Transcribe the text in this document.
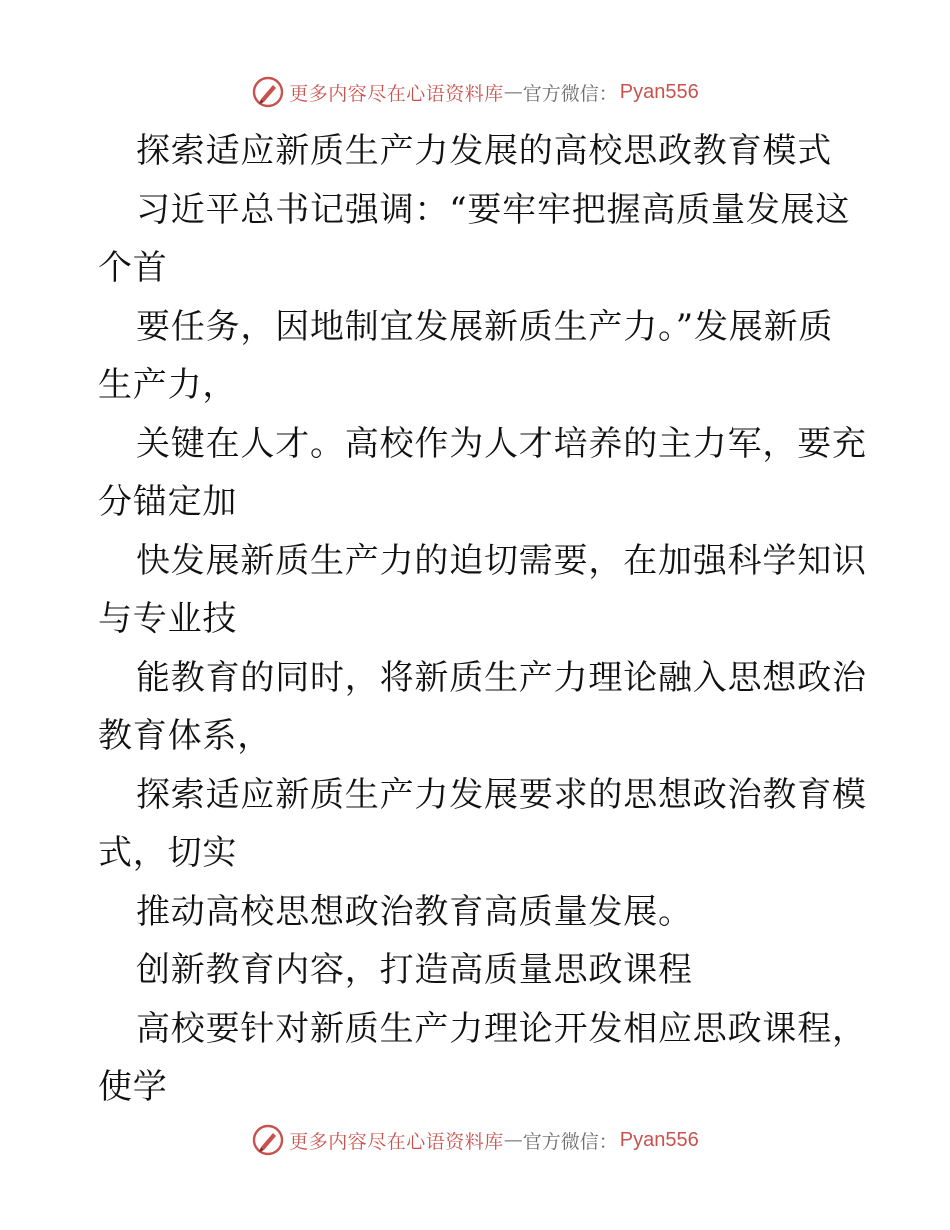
更多内容尽在心语资料库 — 官方微信： Pyan556
探索适应新质生产力发展的高校思政教育模式
习近平总书记强调：“要牢牢把握高质量发展这
个首
要任务，因地制宜发展新质生产力。”发展新质
生产力，
关键在人才。高校作为人才培养的主力军，要充
分锚定加
快发展新质生产力的迫切需要，在加强科学知识
与专业技
能教育的同时，将新质生产力理论融入思想政治
教育体系，
探索适应新质生产力发展要求的思想政治教育模
式，切实
推动高校思想政治教育高质量发展。
创新教育内容，打造高质量思政课程
高校要针对新质生产力理论开发相应思政课程，
使学
更多内容尽在心语资料库 — 官方微信： Pyan556
